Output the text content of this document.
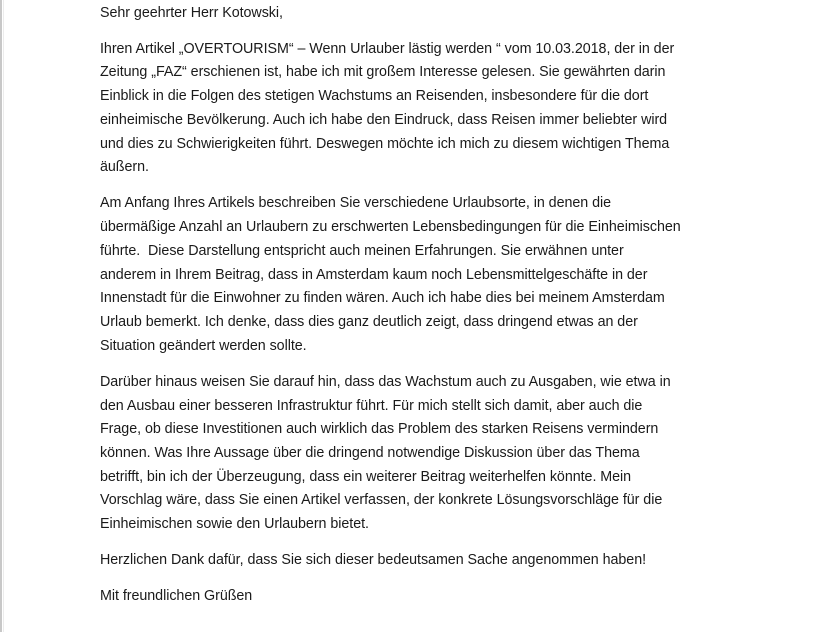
Sehr geehrter Herr Kotowski,

Ihren Artikel „OVERTOURISM“ – Wenn Urlauber lästig werden “ vom 10.03.2018, der in der
Zeitung „FAZ“ erschienen ist, habe ich mit großem Interesse gelesen. Sie gewährten darin
Einblick in die Folgen des stetigen Wachstums an Reisenden, insbesondere für die dort
einheimische Bevölkerung. Auch ich habe den Eindruck, dass Reisen immer beliebter wird
und dies zu Schwierigkeiten führt. Deswegen möchte ich mich zu diesem wichtigen Thema
äußern.

Am Anfang Ihres Artikels beschreiben Sie verschiedene Urlaubsorte, in denen die
übermäßige Anzahl an Urlaubern zu erschwerten Lebensbedingungen für die Einheimischen
führte.  Diese Darstellung entspricht auch meinen Erfahrungen. Sie erwähnen unter
anderem in Ihrem Beitrag, dass in Amsterdam kaum noch Lebensmittelgeschäfte in der
Innenstadt für die Einwohner zu finden wären. Auch ich habe dies bei meinem Amsterdam
Urlaub bemerkt. Ich denke, dass dies ganz deutlich zeigt, dass dringend etwas an der
Situation geändert werden sollte.

Darüber hinaus weisen Sie darauf hin, dass das Wachstum auch zu Ausgaben, wie etwa in
den Ausbau einer besseren Infrastruktur führt. Für mich stellt sich damit, aber auch die
Frage, ob diese Investitionen auch wirklich das Problem des starken Reisens vermindern
können. Was Ihre Aussage über die dringend notwendige Diskussion über das Thema
betrifft, bin ich der Überzeugung, dass ein weiterer Beitrag weiterhelfen könnte. Mein
Vorschlag wäre, dass Sie einen Artikel verfassen, der konkrete Lösungsvorschläge für die
Einheimischen sowie den Urlaubern bietet.

Herzlichen Dank dafür, dass Sie sich dieser bedeutsamen Sache angenommen haben!

Mit freundlichen Grüßen
